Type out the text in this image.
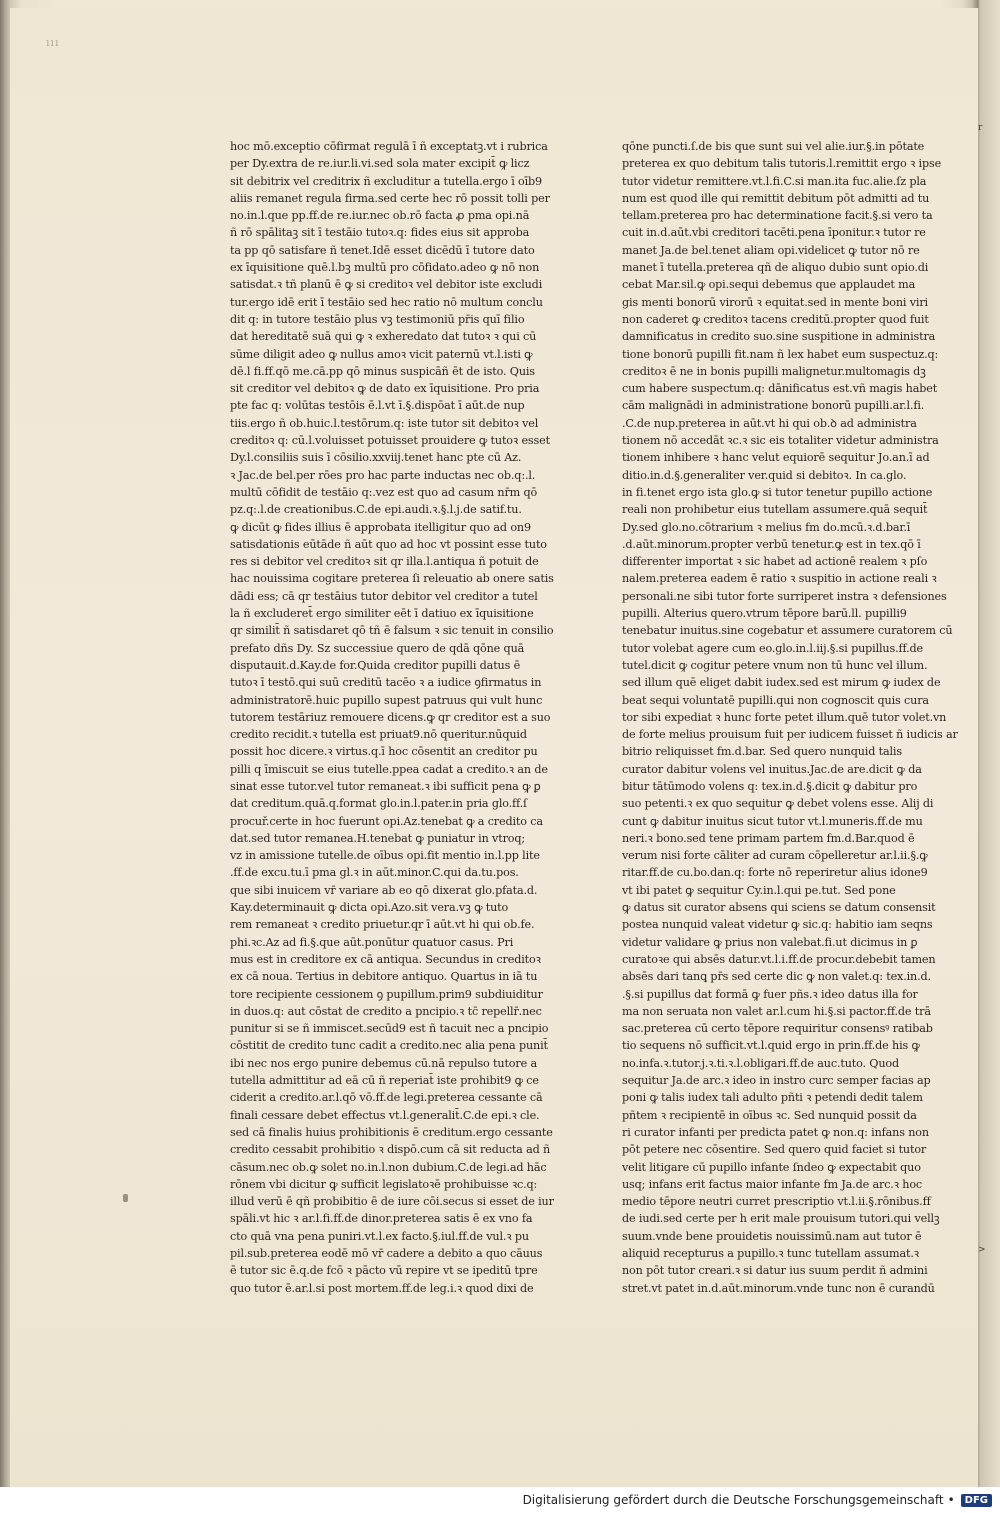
ııı
hoc mō.exceptio cōfirmat regulā ī ñ exceptatꝫ.vt i rubrica
per Dy.extra de re.iur.li.vi.sed sola mater excipit̄ ꝙ licz
sit debitrix vel creditrix ñ excluditur a tutella.ergo ī oīb9
aliis remanet regula firma.sed certe hec rō possit tolli per
no.in.l.que pp.ff.de re.iur.nec ob.rō facta ꝓ pma opi.nā
ñ rō spālitaꝫ sit ī testāio tutoꝛ.q: fides eius sit approba
ta pp qō satisfare ñ tenet.Idē esset dicēdū ī tutore dato
ex īquisitione quē.l.bꝫ multū pro cōfidato.adeo ꝙ nō non
satisdat.ꝛ tñ planū ē ꝙ si creditoꝛ vel debitor iste excludi
tur.ergo idē erit ī testāio sed hec ratio nō multum conclu
dit q: in tutore testāio plus vꝫ testimoniū pr̄is quī filio
dat hereditatē suā qui ꝙ ꝛ exheredato dat tutoꝛ ꝛ qui cū
sūme diligit adeo ꝙ nullus amoꝛ vicit paternū vt.l.isti ꝙ
dē.l fi.ff.qō me.cā.pp qō minus suspicāñ ēt de isto. Quis
sit creditor vel debitoꝛ ꝙ de dato ex īquisitione. Pro pria
pte fac q: volūtas testōis ē.l.vt ī.§.dispōat ī aūt.de nup
tiis.ergo ñ ob.huic.l.testōrum.q: iste tutor sit debitoꝛ vel
creditoꝛ q: cū.l.voluisset potuisset prouidere ꝙ tutoꝛ esset
Dy.l.consiliis suis ī cōsilio.xxviij.tenet hanc pte cū Az.
ꝛ Jac.de bel.per rōes pro hac parte inductas nec ob.q:.l.
multū cōfidit de testāio q:.vez est quo ad casum nr̄m qō
pz.q:.l.de creationibus.C.de epi.audi.ꝛ.§.l.j.de satif.tu.
ꝙ dicūt ꝙ fides illius ē approbata itelligitur quo ad on9
satisdationis eūtāde ñ aūt quo ad hoc vt possint esse tuto
res si debitor vel creditoꝛ sit qr illa.l.antiqua ñ potuit de
hac nouissima cogitare preterea ſi releuatio ab onere satis
dādi ess; cā qr testāius tutor debitor vel creditor a tutel
la ñ excluderet̄ ergo similiter eēt ī datiuo ex īquisitione
qr similit̄ ñ satisdaret qō tñ ē falsum ꝛ sic tenuit in consilio
prefato dñs Dy. Sz successiue quero de qdā qōne quā
disputauit.d.Kay.de for.Quida creditor pupilli datus ē
tutoꝛ ī testō.qui suū creditū tacēo ꝛ a iudice ꝯfirmatus in
administratorē.huic pupillo supest patruus qui vult hunc
tutorem testāriuz remouere dicens.ꝙ qr creditor est a suo
credito recidit.ꝛ tutella est priuat9.nō queritur.nūquid
possit hoc dicere.ꝛ virtus.q.ī hoc cōsentit an creditor pu
pilli q īmiscuit se eius tutelle.ppea cadat a credito.ꝛ an de
sinat esse tutor.vel tutor remaneat.ꝛ ibi sufficit pena ꝙ ꝑ
dat creditum.quā.q.format glo.in.l.pater.in pria glo.ff.ſ
procuř.certe in hoc fuerunt opi.Az.tenebat ꝙ a credito ca
dat.sed tutor remanea.H.tenebat ꝙ puniatur in vtroq;
vz in amissione tutelle.de oībus opi.fit mentio in.l.pp lite
.ff.de excu.tu.ī pma gl.ꝛ in aūt.minor.C.qui da.tu.pos.
que sibi inuicem vr̄ variare ab eo qō dixerat glo.pfata.d.
Kay.determinauit ꝙ dicta opi.Azo.sit vera.vꝫ ꝙ tuto
rem remaneat ꝛ credito priuetur.qr ī aūt.vt hi qui ob.fe.
phi.ꝛc.Az ad fi.§.que aūt.ponūtur quatuor casus. Pri
mus est in creditore ex cā antiqua. Secundus in creditoꝛ
ex cā noua. Tertius in debitore antiquo. Quartus in iā tu
tore recipiente cessionem ꝯ pupillum.prim9 subdiuiditur
in duos.q: aut cōstat de credito a pncipio.ꝛ tc̄ repellr̄.nec
punitur si se ñ immiscet.secūd9 est ñ tacuit nec a pncipio
cōstitit de credito tunc cadit a credito.nec alia pena punit̄
ibi nec nos ergo punire debemus cū.nā repulso tutore a
tutella admittitur ad eā cū ñ reperiat̄ iste prohibit9 ꝙ ce
ciderit a credito.ar.l.qō vō.ff.de legi.preterea cessante cā
finali cessare debet effectus vt.l.generalit̄.C.de epi.ꝛ cle.
sed cā finalis huius prohibitionis ē creditum.ergo cessante
credito cessabit prohibitio ꝛ dispō.cum cā sit reducta ad ñ
cāsum.nec ob.ꝙ solet no.in.l.non dubium.C.de legi.ad hāc
rōnem vbi dicitur ꝙ sufficit legislatoꝛē prohibuisse ꝛc.q:
illud verū ē qñ probibitio ē de iure cōi.secus si esset de iur
spāli.vt hic ꝛ ar.l.fi.ff.de dinor.preterea satis ē ex vno fa
cto quā vna pena puniri.vt.l.ex facto.§.iul.ff.de vul.ꝛ pu
pil.sub.preterea eodē mō vr̄ cadere a debito a quo cāuus
ē tutor sic ē.q.de fcō ꝛ pācto vū repire vt se ipeditū tpre
quo tutor ē.ar.l.si post mortem.ff.de leg.i.ꝛ quod dixi de
qōne puncti.ſ.de bis que sunt sui vel alie.iur.§.in pōtate
preterea ex quo debitum talis tutoris.l.remittit ergo ꝛ ipse
tutor videtur remittere.vt.l.fi.C.si man.ita fuc.alie.ſz pla
num est quod ille qui remittit debitum pōt admitti ad tu
tellam.preterea pro hac determinatione facit.§.si vero ta
cuit in.d.aūt.vbi creditori tacēti.pena īponitur.ꝛ tutor re
manet Ja.de bel.tenet aliam opi.videlicet ꝙ tutor nō re
manet ī tutella.preterea qñ de aliquo dubio sunt opio.di
cebat Mar.sil.ꝙ opi.sequi debemus que applaudet ma
gis menti bonorū virorū ꝛ equitat.sed in mente boni viri
non caderet ꝙ creditoꝛ tacens creditū.propter quod fuit
damnificatus in credito suo.sine suspitione in administra
tione bonorū pupilli fit.nam ñ lex habet eum suspectuz.q:
creditoꝛ ē ne in bonis pupilli malignetur.multomagis dꝫ
cum habere suspectum.q: dānificatus est.vñ magis habet
cām malignādi in administratione bonorū pupilli.ar.l.fi.
.C.de nup.preterea in aūt.vt hi qui ob.ꝺ ad administra
tionem nō accedāt ꝛc.ꝛ sic eis totaliter videtur administra
tionem inhibere ꝛ hanc velut equiorē sequitur Jo.an.ī ad
ditio.in.d.§.generaliter ver.quid si debitoꝛ. In ca.glo.
in fi.tenet ergo ista glo.ꝙ si tutor tenetur pupillo actione
reali non prohibetur eius tutellam assumere.quā sequit̄
Dy.sed glo.no.cōtrarium ꝛ melius fm do.mcū.ꝛ.d.bar.ī
.d.aūt.minorum.propter verbū tenetur.ꝙ est in tex.qō ī
differenter importat ꝛ sic habet ad actionē realem ꝛ pſo
nalem.preterea eadem ē ratio ꝛ suspitio in actione reali ꝛ
personali.ne sibi tutor forte surriperet instra ꝛ defensiones
pupilli. Alterius quero.vtrum tēpore barū.ll. pupilli9
tenebatur inuitus.sine cogebatur et assumere curatorem cū
tutor volebat agere cum eo.glo.in.l.iij.§.si pupillus.ff.de
tutel.dicit ꝙ cogitur petere vnum non tū hunc vel illum.
sed illum quē eliget dabit iudex.sed est mirum ꝙ iudex de
beat sequi voluntatē pupilli.qui non cognoscit quis cura
tor sibi expediat ꝛ hunc forte petet illum.quē tutor volet.vn
de forte melius prouisum fuit per iudicem fuisset ñ iudicis ar
bitrio reliquisset fm.d.bar. Sed quero nunquid talis
curator dabitur volens vel inuitus.Jac.de are.dicit ꝙ da
bitur tātūmodo volens q: tex.in.d.§.dicit ꝙ dabitur pro
suo petenti.ꝛ ex quo sequitur ꝙ debet volens esse. Alij di
cunt ꝙ dabitur inuitus sicut tutor vt.l.muneris.ff.de mu
neri.ꝛ bono.sed tene primam partem fm.d.Bar.quod ē
verum nisi forte cāliter ad curam cōpelleretur ar.l.ii.§.ꝙ
ritar.ff.de cu.bo.dan.q: forte nō reperiretur alius idone9
vt ibi patet ꝙ sequitur Cy.in.l.qui pe.tut. Sed pone
ꝙ datus sit curator absens qui sciens se datum consensit
postea nunquid valeat videtur ꝙ sic.q: habitio iam seqns
videtur validare ꝙ prius non valebat.fi.ut dicimus in ꝑ
curatoꝛe qui absēs datur.vt.l.i.ff.de procur.debebit tamen
absēs dari tanꝗ pr̄s sed certe dic ꝙ non valet.q: tex.in.d.
.§.si pupillus dat formā ꝙ fuer pñs.ꝛ ideo datus illa for
ma non seruata non valet ar.l.cum hi.§.si pactor.ff.de trā
sac.preterea cū certo tēpore requiritur consensꝰ ratibab
tio sequens nō sufficit.vt.l.quid ergo in prin.ff.de his ꝙ
no.infa.ꝛ.tutor.j.ꝛ.ti.ꝛ.l.obligari.ff.de auc.tuto. Quod
sequitur Ja.de arc.ꝛ ideo in instro curc semper facias ap
poni ꝙ talis iudex tali adulto pñti ꝛ petendi dedit talem
pñtem ꝛ recipientē in oībus ꝛc. Sed nunquid possit da
ri curator infanti per predicta patet ꝙ non.q: infans non
pōt petere nec cōsentire. Sed quero quid faciet si tutor
velit litigare cū pupillo infante ſndeo ꝙ expectabit quo
usq; infans erit factus maior infante fm Ja.de arc.ꝛ hoc
medio tēpore neutri curret prescriptio vt.l.ii.§.rōnibus.ff
de iudi.sed certe per h erit male prouisum tutori.qui vellꝫ
suum.vnde bene prouidetis nouissimū.nam aut tutor ē
aliquid recepturus a pupillo.ꝛ tunc tutellam assumat.ꝛ
non pōt tutor creari.ꝛ si datur ius suum perdit ñ admini
stret.vt patet in.d.aūt.minorum.vnde tunc non ē curandū
r
>
Digitalisierung gefördert durch die Deutsche Forschungsgemeinschaft •	DFG
